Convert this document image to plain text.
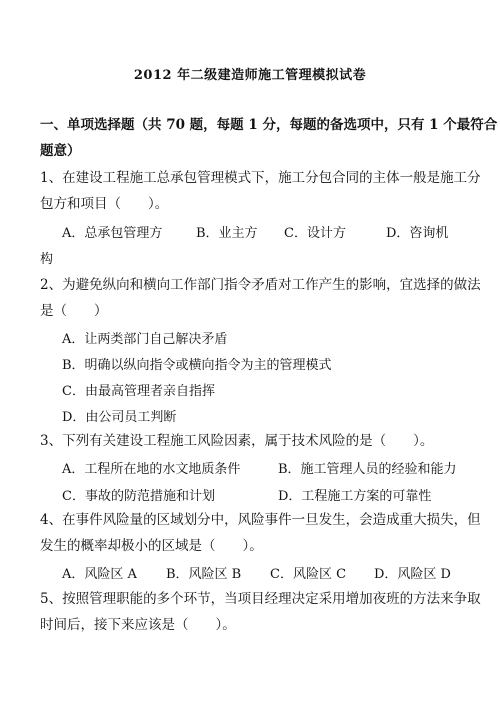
2012 年二级建造师施工管理模拟试卷
一、单项选择题（共 70 题，每题 1 分，每题的备选项中，只有 1 个最符合
题意）
1、在建设工程施工总承包管理模式下，施工分包合同的主体一般是施工分
包方和项目（　　）。
A．总承包管理方	B．业主方 C．设计方	D．咨询机
构
2、为避免纵向和横向工作部门指令矛盾对工作产生的影响，宜选择的做法
是（　　）
A．让两类部门自己解决矛盾
B．明确以纵向指令或横向指令为主的管理模式
C．由最高管理者亲自指挥
D．由公司员工判断
3、下列有关建设工程施工风险因素，属于技术风险的是（　　）。
A．工程所在地的水文地质条件	B．施工管理人员的经验和能力
C．事故的防范措施和计划	D．工程施工方案的可靠性
4、在事件风险量的区域划分中，风险事件一旦发生，会造成重大损失，但
发生的概率却极小的区域是（　　）。
A．风险区 A B．风险区 B C．风险区 C D．风险区 D
5、按照管理职能的多个环节，当项目经理决定采用增加夜班的方法来争取
时间后，接下来应该是（　　）。
